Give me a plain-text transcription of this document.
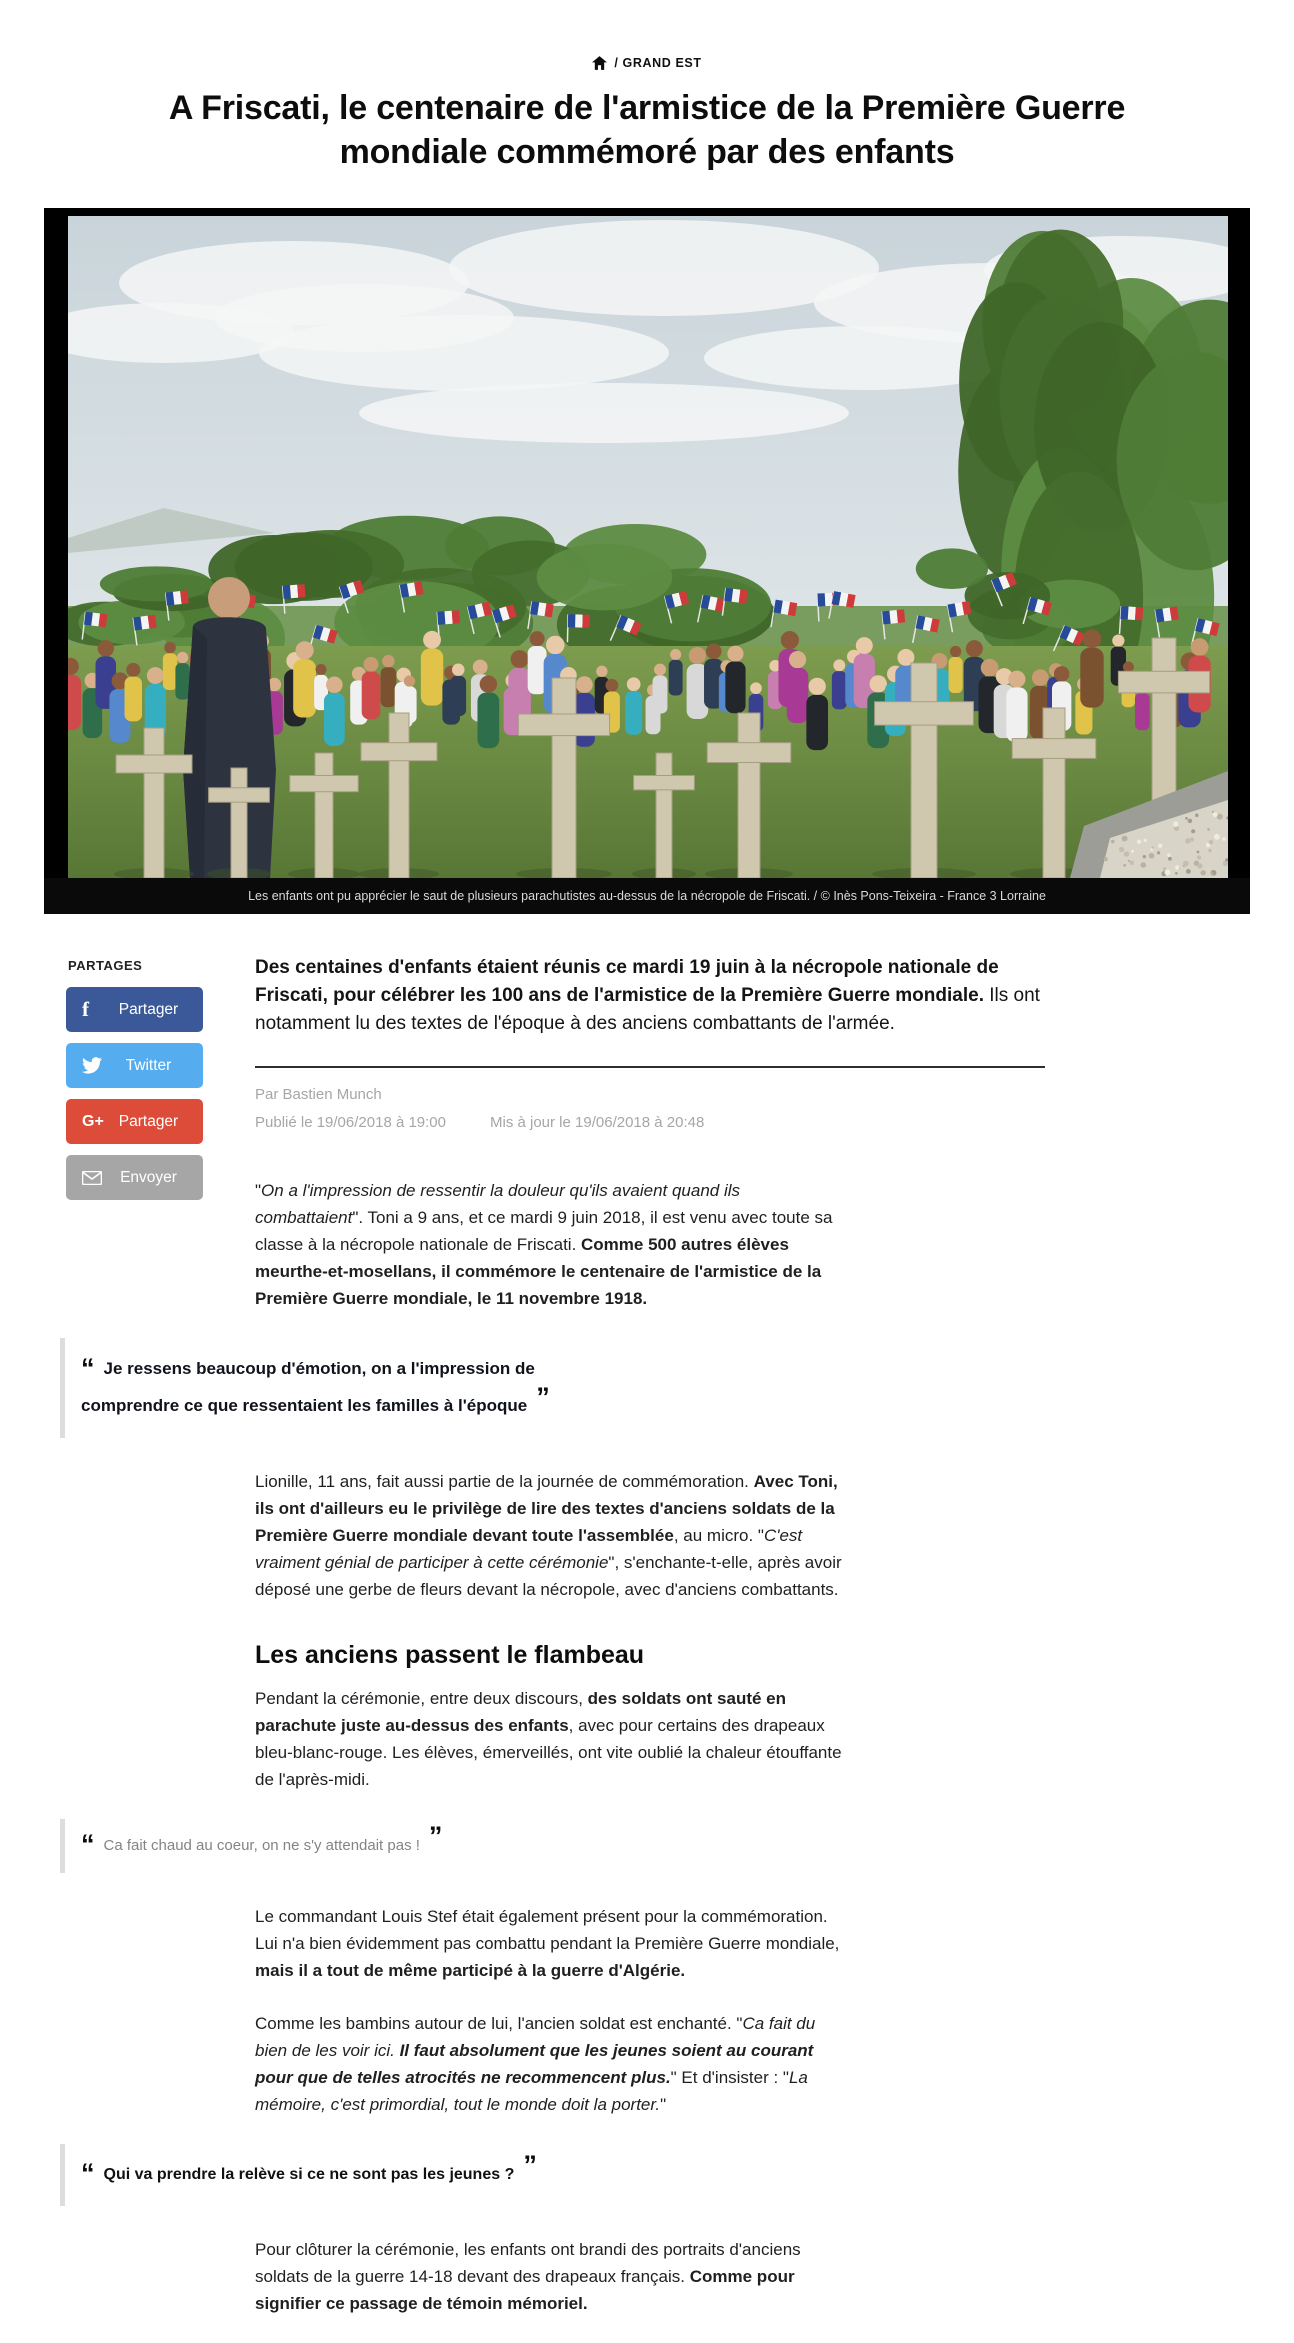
/ GRAND EST
A Friscati, le centenaire de l'armistice de la Première Guerre mondiale commémoré par des enfants
Les enfants ont pu apprécier le saut de plusieurs parachutistes au-dessus de la nécropole de Friscati. / © Inès Pons-Teixeira - France 3 Lorraine
PARTAGES
f	Partager
Twitter
G+ Partager
Envoyer

Des centaines d'enfants étaient réunis ce mardi 19 juin à la nécropole nationale de Friscati, pour célébrer les 100 ans de l'armistice de la Première Guerre mondiale. Ils ont notamment lu des textes de l'époque à des anciens combattants de l'armée.

Par Bastien Munch
Publié le 19/06/2018 à 19:00	Mis à jour le 19/06/2018 à 20:48

"On a l'impression de ressentir la douleur qu'ils avaient quand ils combattaient". Toni a 9 ans, et ce mardi 9 juin 2018, il est venu avec toute sa classe à la nécropole nationale de Friscati. Comme 500 autres élèves meurthe-et-mosellans, il commémore le centenaire de l'armistice de la Première Guerre mondiale, le 11 novembre 1918.

“ Je ressens beaucoup d'émotion, on a l'impression de comprendre ce que ressentaient les familles à l'époque ”

Lionille, 11 ans, fait aussi partie de la journée de commémoration. Avec Toni, ils ont d'ailleurs eu le privilège de lire des textes d'anciens soldats de la Première Guerre mondiale devant toute l'assemblée, au micro. "C'est vraiment génial de participer à cette cérémonie", s'enchante-t-elle, après avoir déposé une gerbe de fleurs devant la nécropole, avec d'anciens combattants.

Les anciens passent le flambeau

Pendant la cérémonie, entre deux discours, des soldats ont sauté en parachute juste au-dessus des enfants, avec pour certains des drapeaux bleu-blanc-rouge. Les élèves, émerveillés, ont vite oublié la chaleur étouffante de l'après-midi.

“ Ca fait chaud au coeur, on ne s'y attendait pas ! ”

Le commandant Louis Stef était également présent pour la commémoration. Lui n'a bien évidemment pas combattu pendant la Première Guerre mondiale, mais il a tout de même participé à la guerre d'Algérie.

Comme les bambins autour de lui, l'ancien soldat est enchanté. "Ca fait du bien de les voir ici. Il faut absolument que les jeunes soient au courant pour que de telles atrocités ne recommencent plus." Et d'insister : "La mémoire, c'est primordial, tout le monde doit la porter."

“ Qui va prendre la relève si ce ne sont pas les jeunes ? ”

Pour clôturer la cérémonie, les enfants ont brandi des portraits d'anciens soldats de la guerre 14-18 devant des drapeaux français. Comme pour signifier ce passage de témoin mémoriel.
